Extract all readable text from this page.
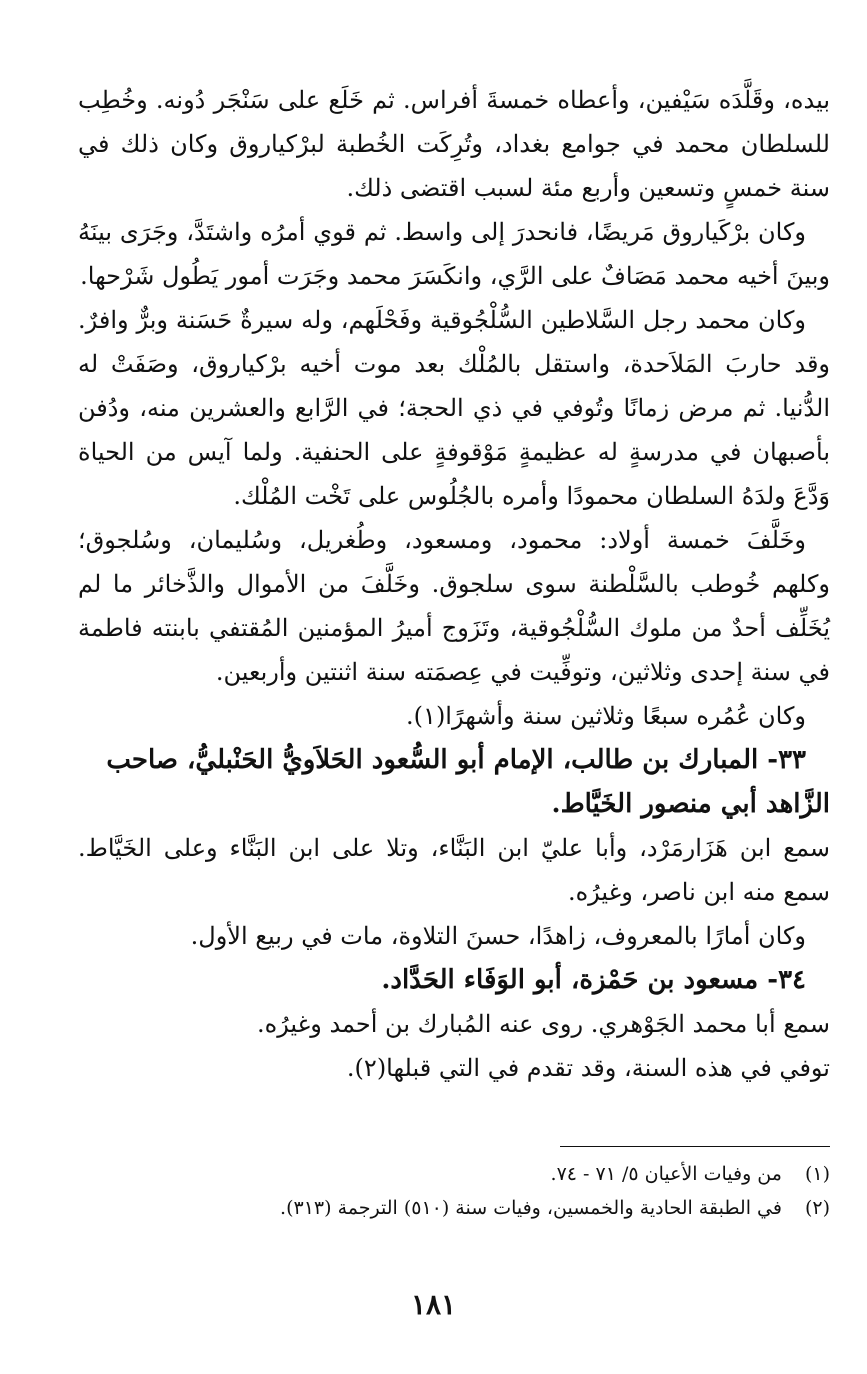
بيده، وقَلَّدَه سَيْفين، وأعطاه خمسةَ أفراس. ثم خَلَع على سَنْجَر دُونه. وخُطِب للسلطان محمد في جوامع بغداد، وتُرِكَت الخُطبة لبرْكياروق وكان ذلك في سنة خمسٍ وتسعين وأربع مئة لسبب اقتضى ذلك.

وكان برْكَياروق مَريضًا، فانحدرَ إلى واسط. ثم قوي أمرُه واشتَدَّ، وجَرَى بينَهُ وبينَ أخيه محمد مَصَافٌ على الرَّي، وانكَسَرَ محمد وجَرَت أمور يَطُول شَرْحها.

وكان محمد رجل السَّلاطين السُّلْجُوقية وفَحْلَهم، وله سيرةٌ حَسَنة وبرٌّ وافرٌ. وقد حاربَ المَلاَحدة، واستقل بالمُلْك بعد موت أخيه برْكياروق، وصَفَتْ له الدُّنيا. ثم مرض زمانًا وتُوفي في ذي الحجة؛ في الرَّابع والعشرين منه، ودُفن بأصبهان في مدرسةٍ له عظيمةٍ مَوْقوفةٍ على الحنفية. ولما آيس من الحياة وَدَّعَ ولدَهُ السلطان محمودًا وأمره بالجُلُوس على تَخْت المُلْك.

وخَلَّفَ خمسة أولاد: محمود، ومسعود، وطُغريل، وسُليمان، وسُلجوق؛ وكلهم خُوطب بالسَّلْطنة سوى سلجوق. وخَلَّفَ من الأموال والذَّخائر ما لم يُخَلِّف أحدٌ من ملوك السُّلْجُوقية، وتَزَوج أميرُ المؤمنين المُقتفي بابنته فاطمة في سنة إحدى وثلاثين، وتوفِّيت في عِصمَته سنة اثنتين وأربعين.

وكان عُمُره سبعًا وثلاثين سنة وأشهرًا(١).

٣٣- المبارك بن طالب، الإمام أبو السُّعود الحَلاَويُّ الحَنْبليُّ، صاحب الزَّاهد أبي منصور الخَيَّاط.

سمع ابن هَزَارمَرْد، وأبا عليّ ابن البَنَّاء، وتلا على ابن البَنَّاء وعلى الخَيَّاط. سمع منه ابن ناصر، وغيرُه.

وكان أمارًا بالمعروف، زاهدًا، حسنَ التلاوة، مات في ربيع الأول.

٣٤- مسعود بن حَمْزة، أبو الوَفَاء الحَدَّاد.

سمع أبا محمد الجَوْهري. روى عنه المُبارك بن أحمد وغيرُه.

توفي في هذه السنة، وقد تقدم في التي قبلها(٢).

(١) من وفيات الأعيان ٥/ ٧١ - ٧٤.

(٢) في الطبقة الحادية والخمسين، وفيات سنة (٥١٠) الترجمة (٣١٣).

١٨١
